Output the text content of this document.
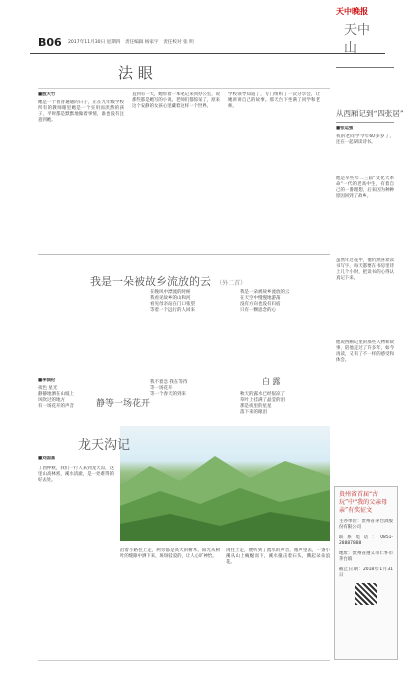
B06 2017年11月30日 星期四　责任编辑 杨家宇　责任校对 张 明
天中晚报
天中山
法 眼
■殷天竹
她是一个普普通通的日子，正在九年级学校所有的教师眼里她是一个实用而淡然的孩子，平时都是默默地做着事情，谁也没有注意到她。
直到有一天，她带着一本笔记来到办公室，说那些都是她写的小说。老师们都惊呆了，原来这个安静的女孩心里藏着这样一个世界。
学校领导知道了，专门组织了一次分享会，让她讲讲自己的故事。那天台下坐满了同学和老师。
从西厢记到“四张居”
■张运强
我的老同学今年60多岁了，还在一起研读诗书。
他是早些年二三届“文化大革命”一代的老高中生，有着自己的一番理想，后来因为种种原因回到了故乡。
虽然年过花甲，他仍然喜欢读书写字，每天都要在书房里待上几个小时，把读书的心得认真记下来。
他说西厢记里的那些人物和故事，陪他走过了许多年，如今再读，又有了不一样的感受和体会。
贵州省首届“古玩”中“我的父亲母亲”有奖征文
主办单位：贵州省茅台酒股份有限公司
联系电话：0851-28887888
地址：贵州省遵义市仁怀市茅台镇
截止日期：2018年1月31日
我是一朵被故乡流放的云 （外二首）
在晚风中漂流的时候
我看见故乡的山和河
看见母亲站在门口张望
等着一个远行的人回来
我是一朵被故乡流放的云
在天空中慢慢地游荡
没有方向也没有归宿
只有一颗思念的心
白 露
秋天的露水已经很凉了
草叶上挂满了晶莹的泪
那是夜里的星星
落下来的眼泪
■李润伦
夜色 星光
静静地洒在山坡上
风吹过的地方
有一场花开的声音	静等一场花开
我不着急 我在等待
等一场花开
等一个春天的到来
龙天沟记
■刘国富
丁酉仲秋，我们一行人来到龙天沟，这里山高林密，溪水清澈，是一处难得的好去处。
沿着小路往上走，两旁都是高大的树木，阳光从树叶的缝隙中洒下来，斑斑驳驳的，让人心旷神怡。
再往上走，便听到了流水的声音，循声望去，一条小溪从山上蜿蜒而下，溪水撞击着石头，溅起朵朵浪花。
